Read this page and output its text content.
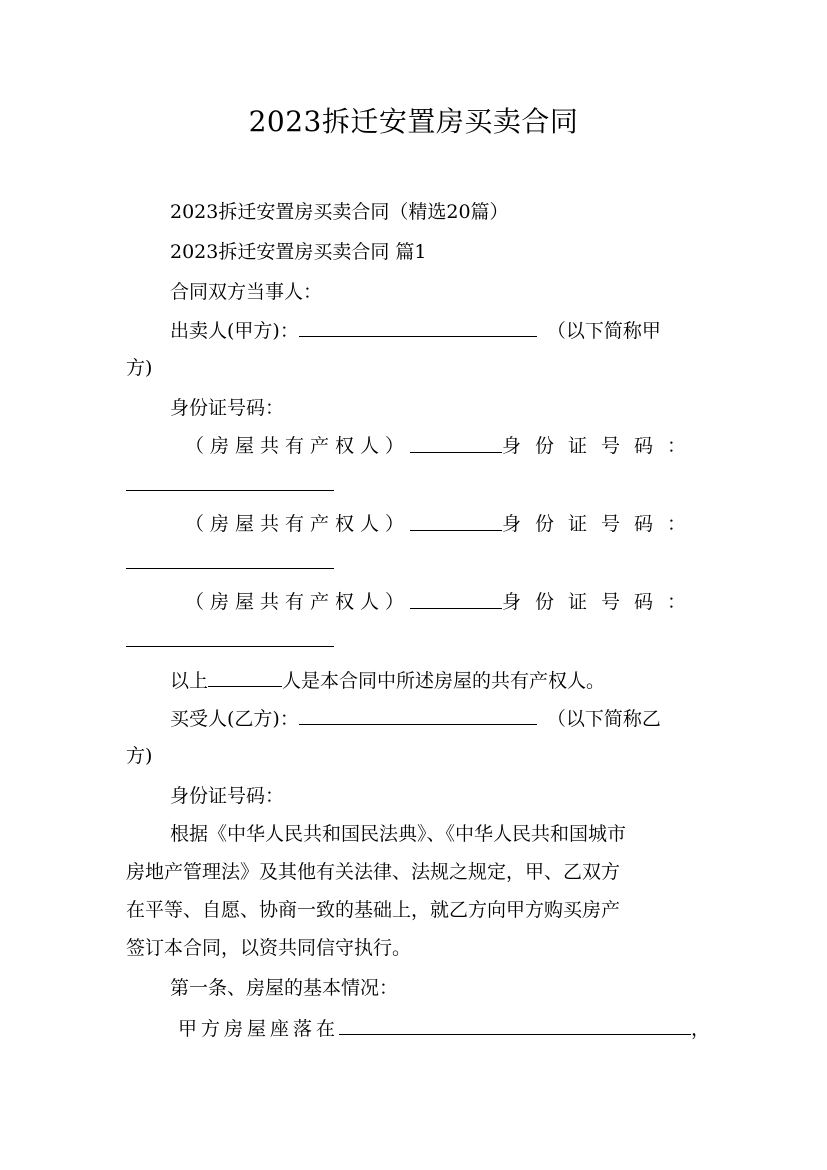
2023拆迁安置房买卖合同
2023拆迁安置房买卖合同（精选20篇）
2023拆迁安置房买卖合同 篇1
合同双方当事人：
出卖人(甲方)：	（以下简称甲
方)
身份证号码：
（房屋共有产权人）	身份证号码：
（房屋共有产权人）	身份证号码：
（房屋共有产权人）	身份证号码：
以上	人是本合同中所述房屋的共有产权人。
买受人(乙方)：	（以下简称乙
方)
身份证号码：
根据《中华人民共和国民法典》、《中华人民共和国城市
房地产管理法》及其他有关法律、法规之规定，甲、乙双方
在平等、自愿、协商一致的基础上，就乙方向甲方购买房产
签订本合同，以资共同信守执行。
第一条、房屋的基本情况：
甲方房屋座落在	，
